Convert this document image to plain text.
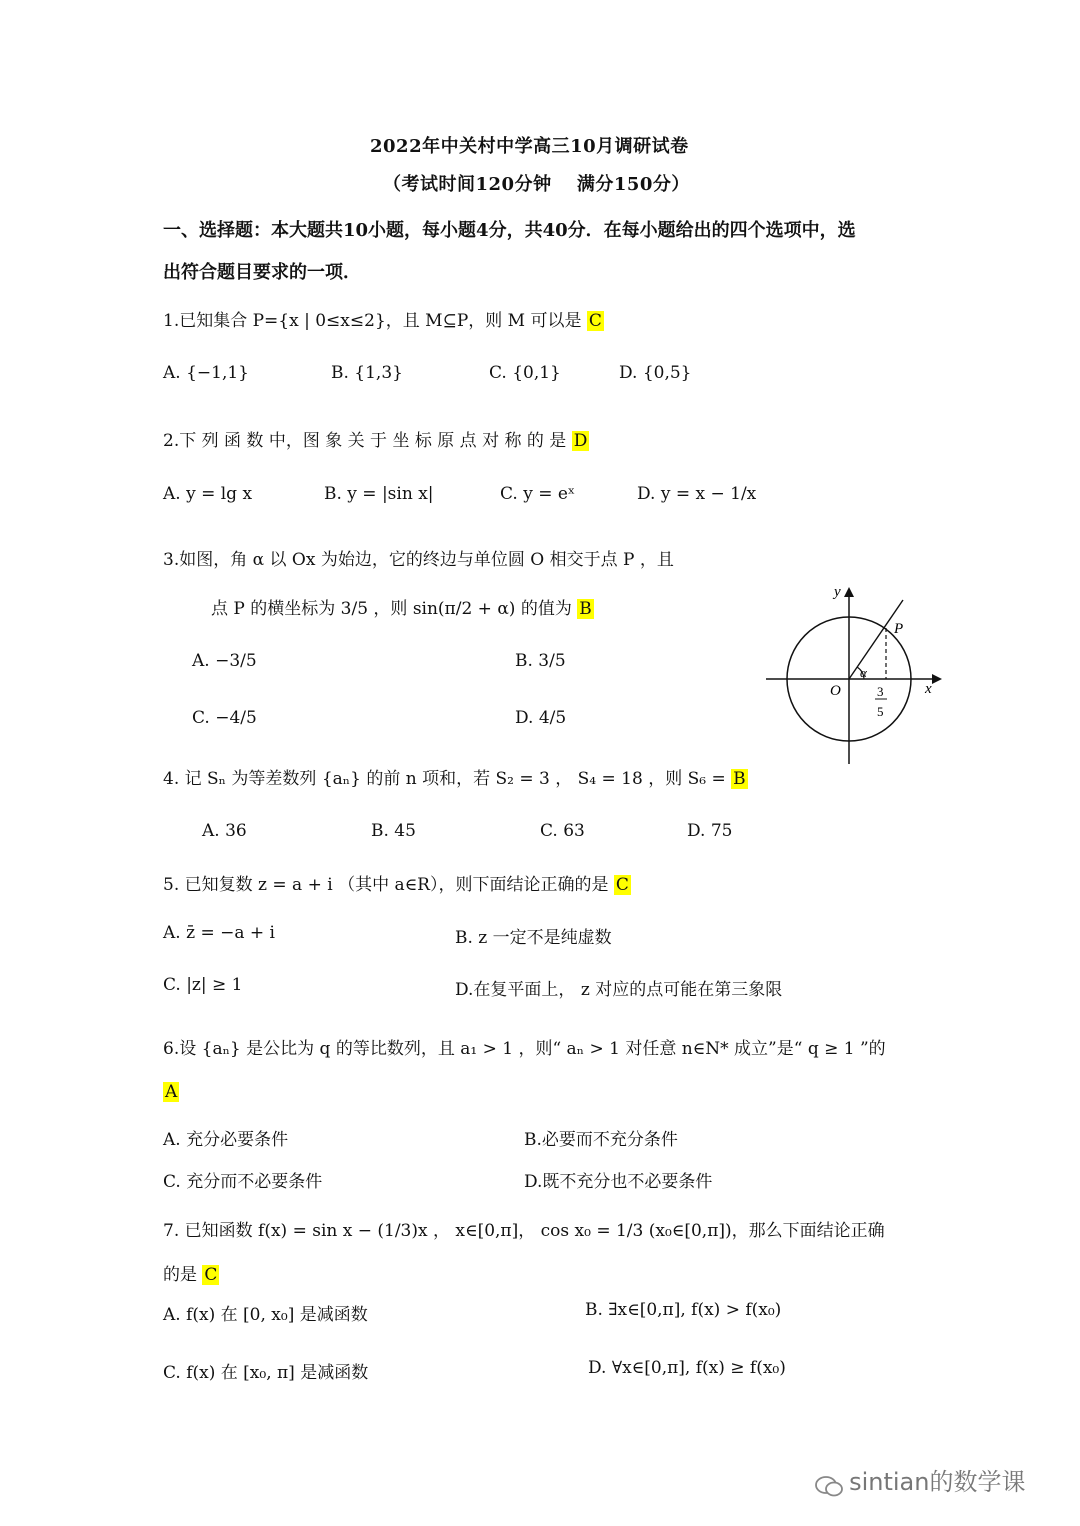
2022年中关村中学高三10月调研试卷
（考试时间120分钟　 满分150分）
一、选择题：本大题共10小题，每小题4分，共40分．在每小题给出的四个选项中，选
出符合题目要求的一项．
1.已知集合 P={x | 0≤x≤2}，且 M⊆P，则 M 可以是 C
A. {−1,1}	B. {1,3}	C. {0,1}	D. {0,5}
2.下 列 函 数 中，图 象 关 于 坐 标 原 点 对 称 的 是 D
A. y = lg x	B. y = |sin x|	C. y = eˣ	D. y = x − 1/x
3.如图，角 α 以 Ox 为始边，它的终边与单位圆 O 相交于点 P ，且
点 P 的横坐标为 3/5 ，则 sin(π/2 + α) 的值为 B
A. −3/5	B. 3/5
C. −4/5	D. 4/5
y
x
P
O
α
3
5
4. 记 Sₙ 为等差数列 {aₙ} 的前 n 项和，若 S₂ = 3 ， S₄ = 18 ，则 S₆ = B
A. 36	B. 45	C. 63	D. 75
5. 已知复数 z = a + i （其中 a∈R），则下面结论正确的是 C
A. z̄ = −a + i	B. z 一定不是纯虚数
C. |z| ≥ 1	D.在复平面上， z 对应的点可能在第三象限
6.设 {aₙ} 是公比为 q 的等比数列，且 a₁ > 1 ，则“ aₙ > 1 对任意 n∈N* 成立”是“ q ≥ 1 ”的
A
A. 充分必要条件	B.必要而不充分条件
C. 充分而不必要条件	D.既不充分也不必要条件
7. 已知函数 f(x) = sin x − (1/3)x ， x∈[0,π]， cos x₀ = 1/3 (x₀∈[0,π])，那么下面结论正确
的是 C
A. f(x) 在 [0, x₀] 是减函数	B. ∃x∈[0,π], f(x) > f(x₀)
C. f(x) 在 [x₀, π] 是减函数	D. ∀x∈[0,π], f(x) ≥ f(x₀)
sintian的数学课
